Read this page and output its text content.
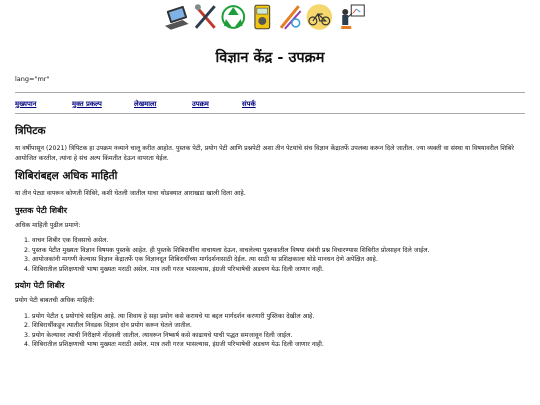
विज्ञान केंद्र - उपक्रम
lang="mr"
मुख्यपान	मुक्त प्रकल्प	लेखमाला	उपक्रम	संपर्क
त्रिपिटक

या वर्षीपासून (2021) त्रिपिटक हा उपक्रम नव्याने चालू करीत आहोत. पुस्तक पेटी, प्रयोग पेटी आणि प्रश्नपेटी अशा तीन पेटयांचे संच विज्ञान केंद्रातर्फे उपलब्ध करून दिले जातील. ज्या व्यक्ती वा संस्था या विषयावरील शिबिरे आयोजित करतील, त्यांना हे संच अल्प किंमतीत देऊन वापरता येईल.

शिबिरांबद्दल अधिक माहिती

या तीन पेट्या वापरून कोणती शिबिरे, कशी घेतली जातील याचा थोडक्यात आराखडा खाली दिला आहे.

पुस्तक पेटी शिबीर

अधिक माहिती पुढील प्रमाणे:

1. वाचन शिबीर एक दिवसाचे असेल.
2. पुस्तक पेटीत मुख्यतः विज्ञान विषयक पुस्तके आहेत. ही पुस्तके शिबिरार्थींना वाचायला देऊन, वाचलेल्या पुस्तकातील विषया संबंधी प्रश्न विचारण्यास शिबिरीत प्रोत्साहन दिले जाईल.
3. आयोजकांनी मागणी केल्यास विज्ञान केंद्रातर्फे एक विज्ञानदूत शिबिरार्थींच्या मार्गदर्शनासाठी देईल. त्या साठी या प्रशिक्षकाला थोडे मानधन देणे अपेक्षित आहे.
4. शिबिरातील प्रशिक्षणाची भाषा मुख्यतः मराठी असेल. मात्र तशी गरज भासल्यास, इंग्रजी परिभाषेची अडचण येऊ दिली जाणार नाही.
प्रयोग पेटी शिबीर

प्रयोग पेटी बाबतची अधिक माहिती:

1. प्रयोग पेटीत ६ प्रयोगांचे साहित्य आहे. त्या शिवाय हे सहा प्रयोग कसे करायचे या बद्दल मार्गदर्शन करणारी पुस्तिका देखील आहे.
2. शिबिरार्थींकडून त्यातील निवडक विज्ञान दोन प्रयोग करून घेतले जातील.
3. प्रयोग केल्यावर त्याची निरीक्षणे नोंदवली जातील. त्यावरून निष्कर्ष कसे काढायचे याची पद्धत समजावून दिली जाईल.
4. शिबिरातील प्रशिक्षणाची भाषा मुख्यतः मराठी असेल. मात्र तशी गरज भासल्यास, इंग्रजी परिभाषेची अडचण येऊ दिली जाणार नाही.
